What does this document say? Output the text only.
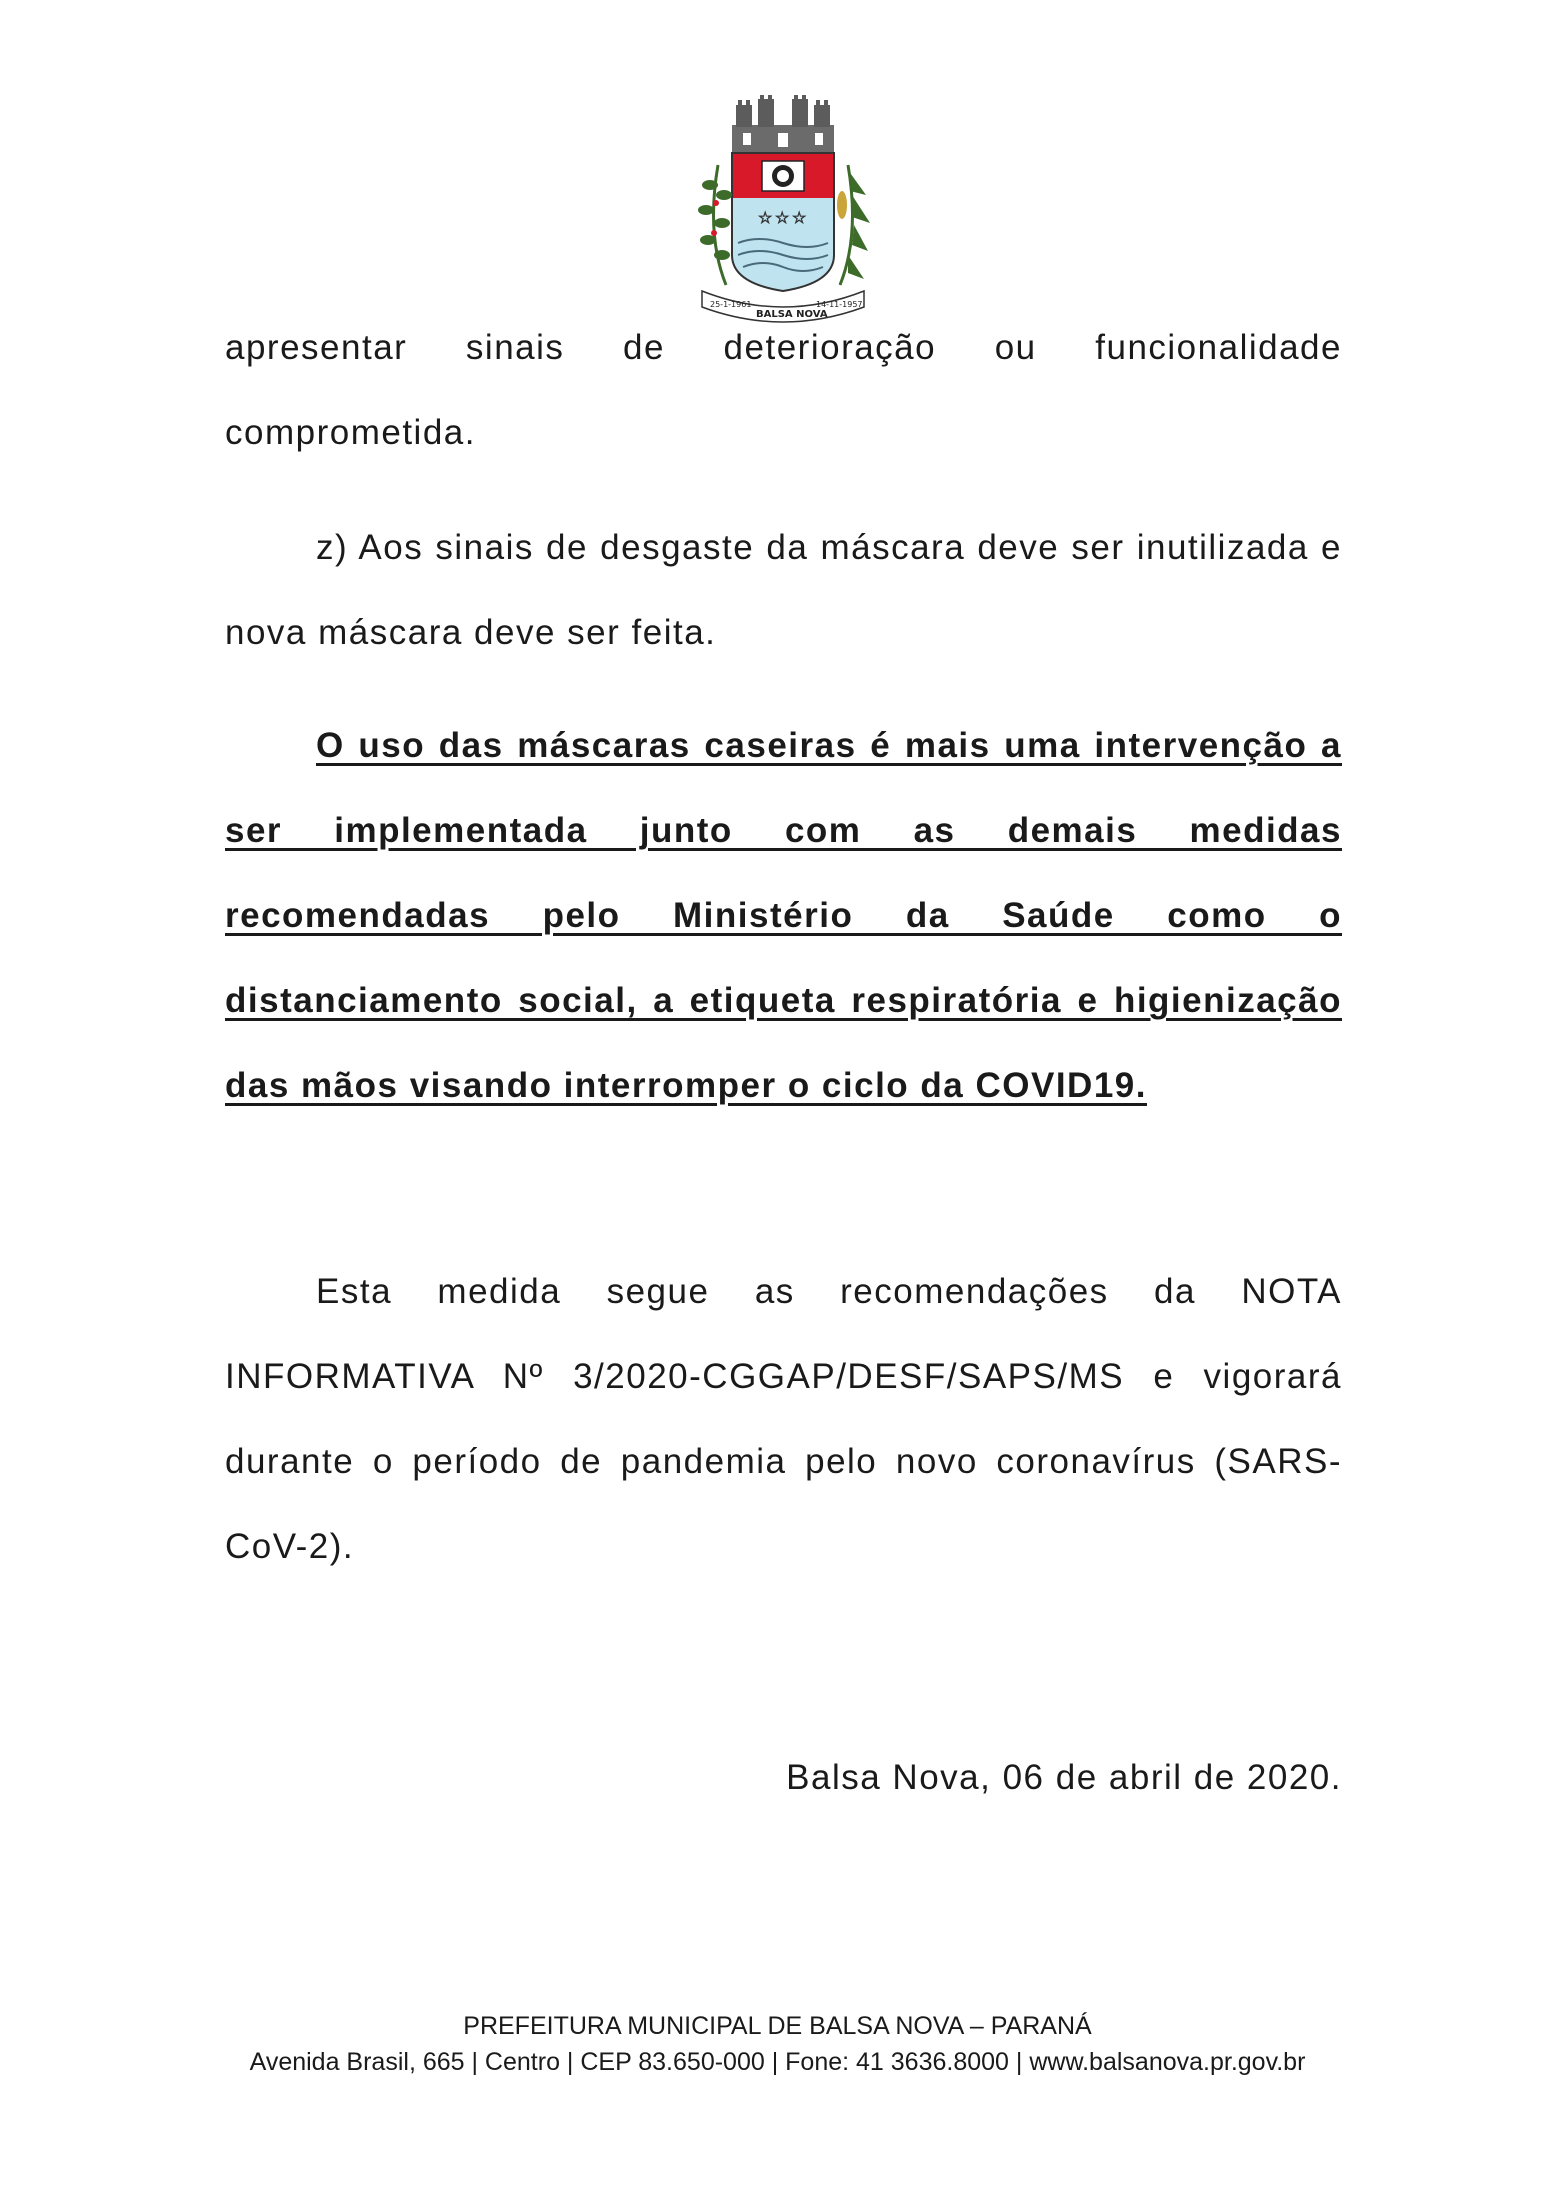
☆ ☆ ☆
25-1-1961
BALSA NOVA
14-11-1957

apresentar sinais de deterioração ou funcionalidade comprometida.

z) Aos sinais de desgaste da máscara deve ser inutilizada e nova máscara deve ser feita.

O uso das máscaras caseiras é mais uma intervenção a ser implementada junto com as demais medidas recomendadas pelo Ministério da Saúde como o distanciamento social, a etiqueta respiratória e higienização das mãos visando interromper o ciclo da COVID19.

Esta medida segue as recomendações da NOTA INFORMATIVA Nº 3/2020-CGGAP/DESF/SAPS/MS e vigorará durante o período de pandemia pelo novo coronavírus (SARS-CoV-2).

Balsa Nova, 06 de abril de 2020.

PREFEITURA MUNICIPAL DE BALSA NOVA – PARANÁ
Avenida Brasil, 665 | Centro | CEP 83.650-000 | Fone: 41 3636.8000 | www.balsanova.pr.gov.br
